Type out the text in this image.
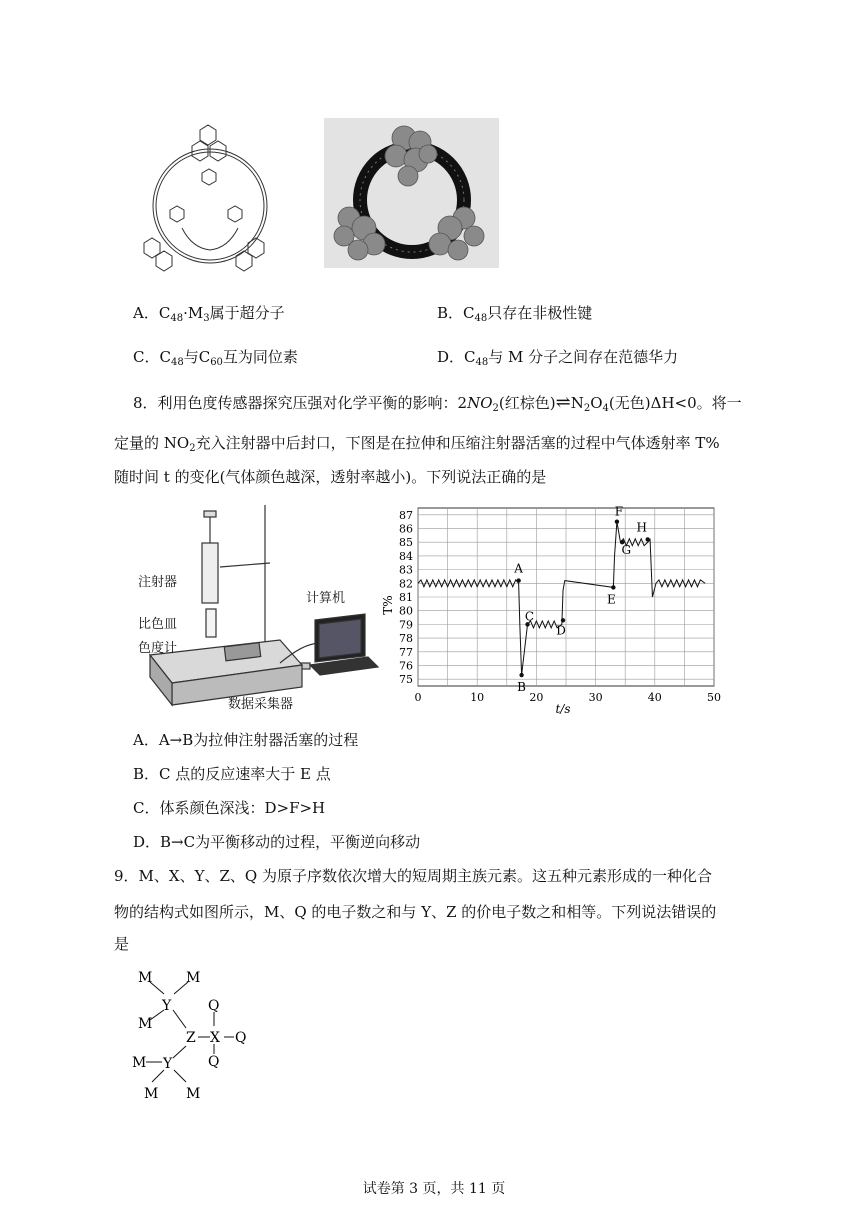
A．$C_{48}\cdot M_3$属于超分子	B．$C_{48}$只存在非极性键
C．$C_{48}$与$C_{60}$互为同位素	D．$C_{48}$与 M 分子之间存在范德华力
8．利用色度传感器探究压强对化学平衡的影响：$2NO_2$(红棕色)$\rightleftharpoons N_2O_4$(无色)ΔH<0。将一
定量的 $NO_2$充入注射器中后封口，下图是在拉伸和压缩注射器活塞的过程中气体透射率 T%
随时间 t 的变化(气体颜色越深，透射率越小)。下列说法正确的是
注射器
比色皿
色度计
计算机
数据采集器
75
76
77
78
79
80
81
82
83
84
85
86
87
0	10	20	30	40	50
A
B
C
D
E
F
G
H
T%
t/s
A．A→B为拉伸注射器活塞的过程
B．C 点的反应速率大于 E 点
C．体系颜色深浅：D>F>H
D．B→C为平衡移动的过程，平衡逆向移动
9．M、X、Y、Z、Q 为原子序数依次增大的短周期主族元素。这五种元素形成的一种化合
物的结构式如图所示，M、Q 的电子数之和与 Y、Z 的价电子数之和相等。下列说法错误的
是
M M
Y
M
Q
Z X Q
Q
M Y
M M
试卷第 3 页，共 11 页
